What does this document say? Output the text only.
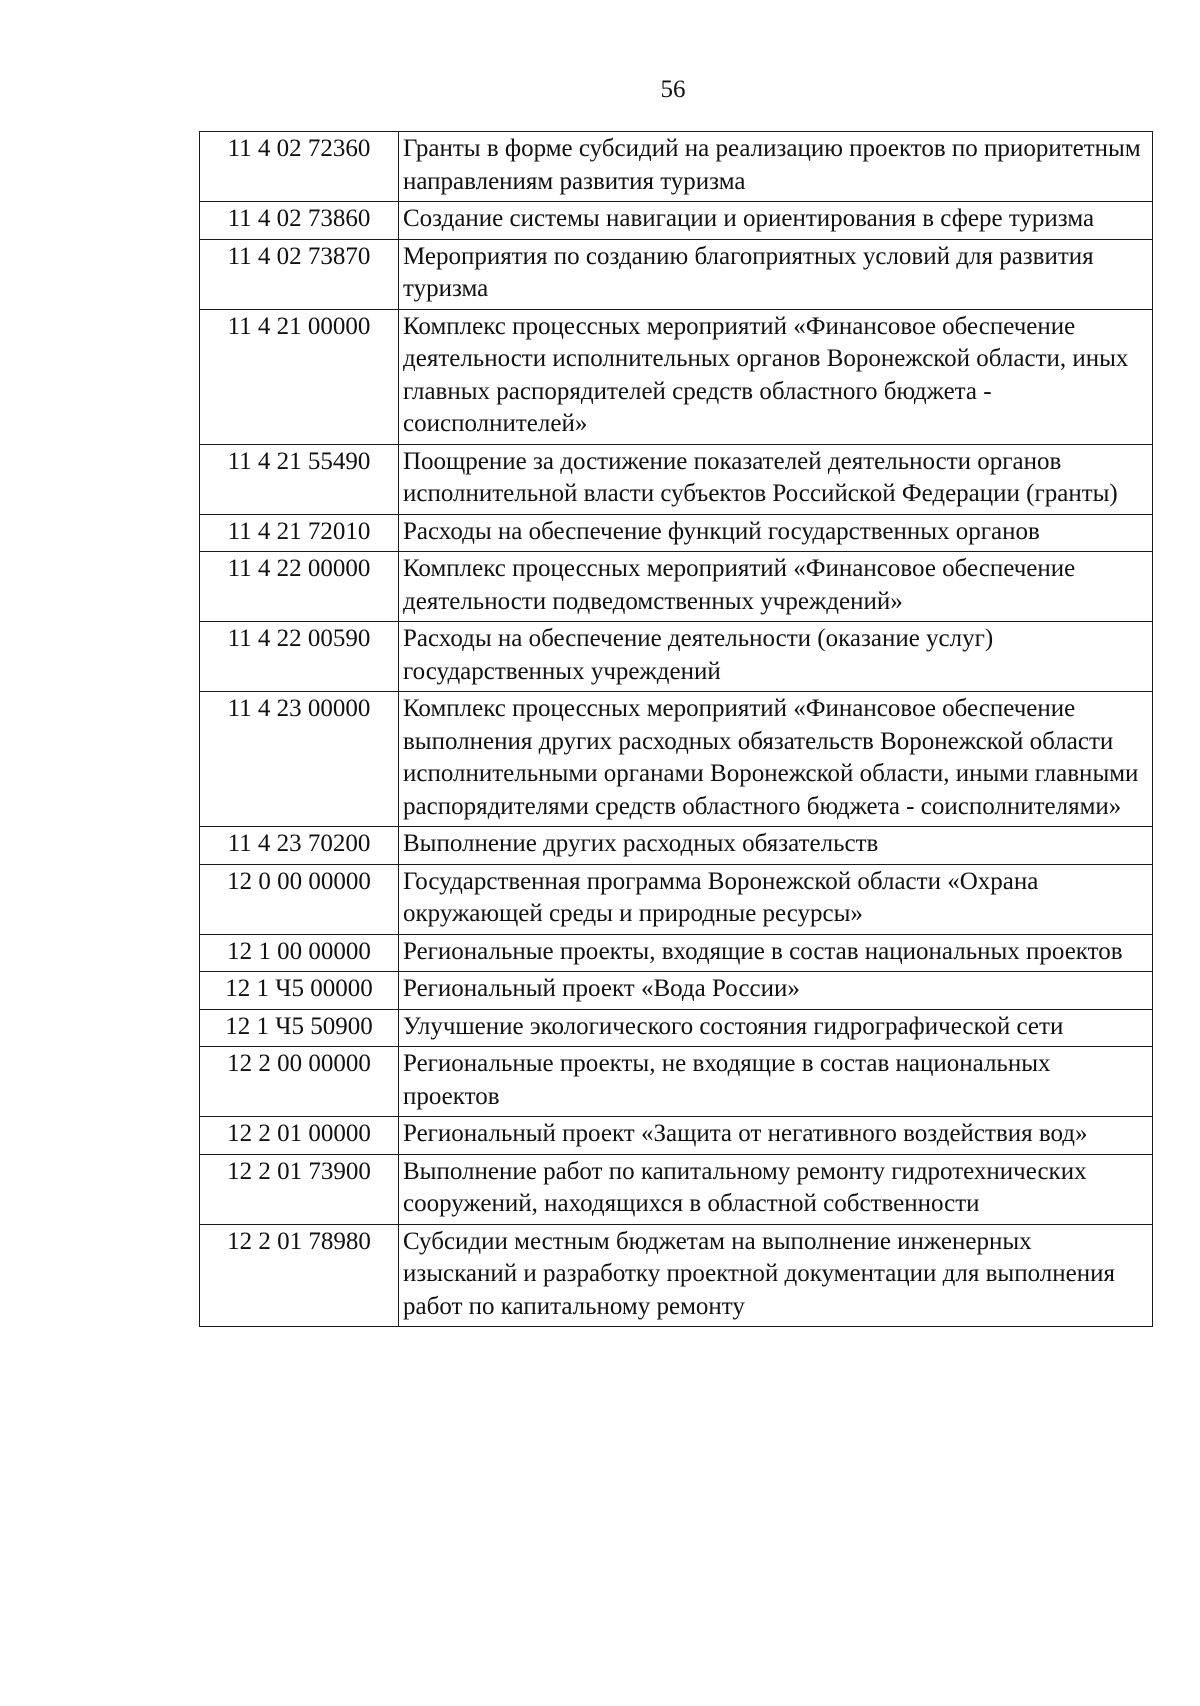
56
11 4 02 72360	Гранты в форме субсидий на реализацию проектов по приоритетным направлениям развития туризма
11 4 02 73860	Создание системы навигации и ориентирования в сфере туризма
11 4 02 73870	Мероприятия по созданию благоприятных условий для развития туризма
11 4 21 00000	Комплекс процессных мероприятий «Финансовое обеспечение деятельности исполнительных органов Воронежской области, иных главных распорядителей средств областного бюджета - соисполнителей»
11 4 21 55490	Поощрение за достижение показателей деятельности органов исполнительной власти субъектов Российской Федерации (гранты)
11 4 21 72010	Расходы на обеспечение функций государственных органов
11 4 22 00000	Комплекс процессных мероприятий «Финансовое обеспечение деятельности подведомственных учреждений»
11 4 22 00590	Расходы на обеспечение деятельности (оказание услуг) государственных учреждений
11 4 23 00000	Комплекс процессных мероприятий «Финансовое обеспечение выполнения других расходных обязательств Воронежской области исполнительными органами Воронежской области, иными главными распорядителями средств областного бюджета - соисполнителями»
11 4 23 70200	Выполнение других расходных обязательств
12 0 00 00000	Государственная программа Воронежской области «Охрана окружающей среды и природные ресурсы»
12 1 00 00000	Региональные проекты, входящие в состав национальных проектов
12 1 Ч5 00000	Региональный проект «Вода России»
12 1 Ч5 50900	Улучшение экологического состояния гидрографической сети
12 2 00 00000	Региональные проекты, не входящие в состав национальных проектов
12 2 01 00000	Региональный проект «Защита от негативного воздействия вод»
12 2 01 73900	Выполнение работ по капитальному ремонту гидротехнических сооружений, находящихся в областной собственности
12 2 01 78980	Субсидии местным бюджетам на выполнение инженерных изысканий и разработку проектной документации для выполнения работ по капитальному ремонту
